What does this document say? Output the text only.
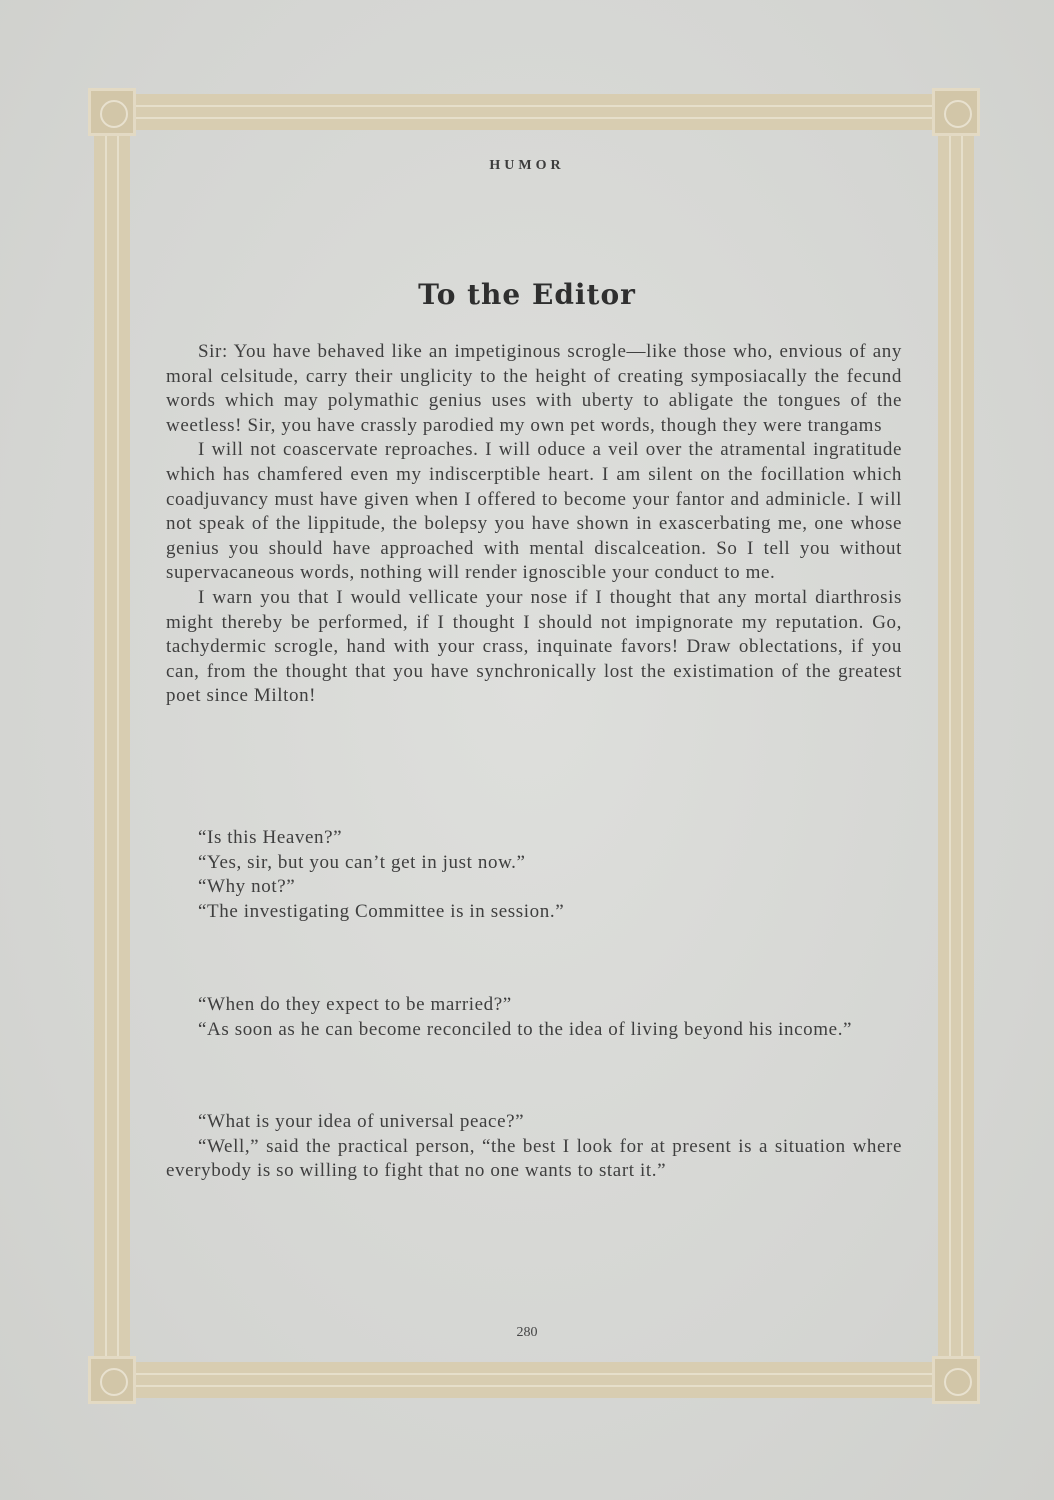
HUMOR
To the Editor

Sir: You have behaved like an impetiginous scrogle—like those who, envious of any moral celsitude, carry their unglicity to the height of creating symposiacally the fecund words which may polymathic genius uses with uberty to abligate the tongues of the weetless! Sir, you have crassly parodied my own pet words, though they were trangams

I will not coascervate reproaches. I will oduce a veil over the atramental ingratitude which has chamfered even my indiscerptible heart. I am silent on the focillation which coadjuvancy must have given when I offered to become your fantor and adminicle. I will not speak of the lippitude, the bolepsy you have shown in exascerbating me, one whose genius you should have approached with mental discalceation. So I tell you without supervacaneous words, nothing will render ignoscible your conduct to me.

I warn you that I would vellicate your nose if I thought that any mortal diarthrosis might thereby be performed, if I thought I should not impignorate my reputation. Go, tachydermic scrogle, hand with your crass, inquinate favors! Draw oblectations, if you can, from the thought that you have synchronically lost the existimation of the greatest poet since Milton!

“Is this Heaven?”

“Yes, sir, but you can’t get in just now.”

“Why not?”

“The investigating Committee is in session.”

“When do they expect to be married?”

“As soon as he can become reconciled to the idea of living beyond his income.”

“What is your idea of universal peace?”

“Well,” said the practical person, “the best I look for at present is a situation where everybody is so willing to fight that no one wants to start it.”

280
